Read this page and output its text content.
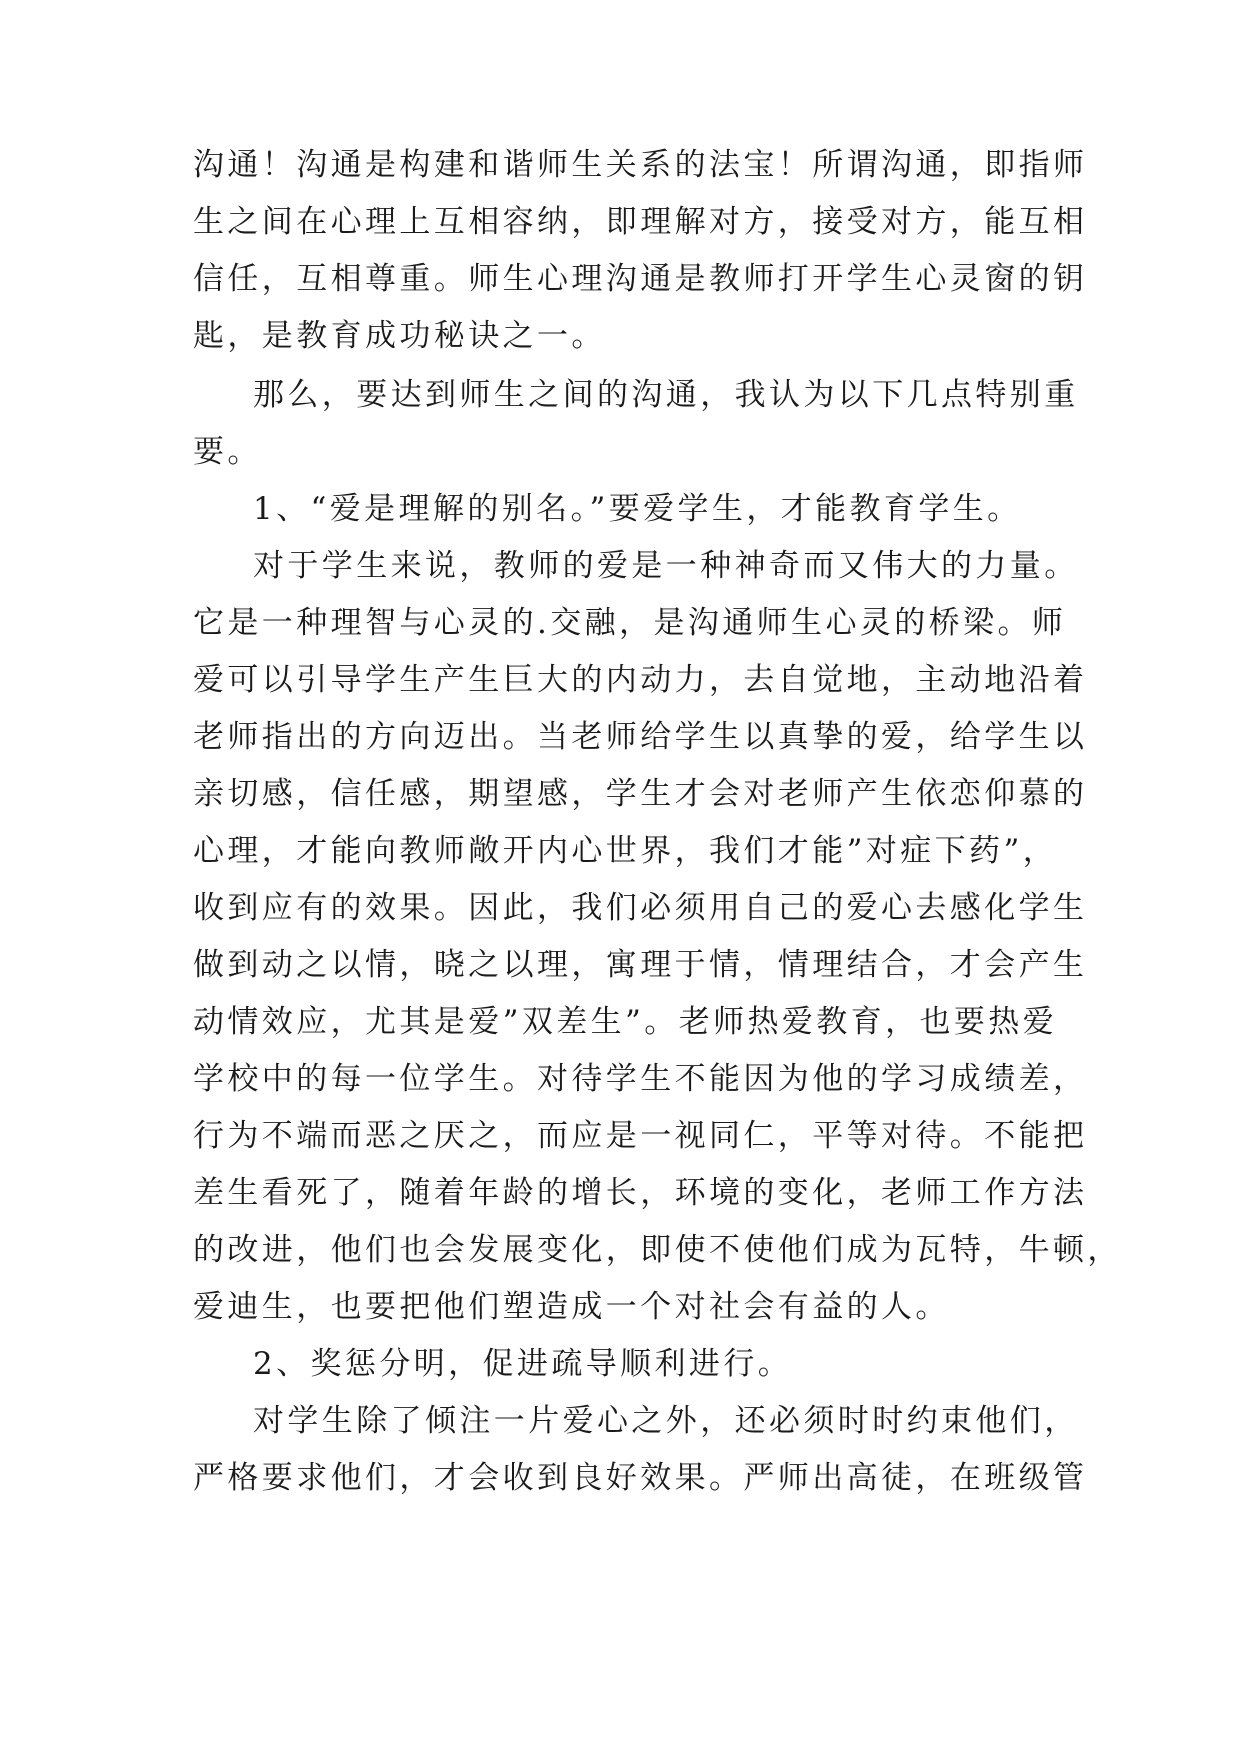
沟通！沟通是构建和谐师生关系的法宝！所谓沟通，即指师
生之间在心理上互相容纳，即理解对方，接受对方，能互相
信任，互相尊重。师生心理沟通是教师打开学生心灵窗的钥
匙，是教育成功秘诀之一。
那么，要达到师生之间的沟通，我认为以下几点特别重
要。
1、“爱是理解的别名。”要爱学生，才能教育学生。
对于学生来说，教师的爱是一种神奇而又伟大的力量。
它是一种理智与心灵的.交融，是沟通师生心灵的桥梁。师
爱可以引导学生产生巨大的内动力，去自觉地，主动地沿着
老师指出的方向迈出。当老师给学生以真挚的爱，给学生以
亲切感，信任感，期望感，学生才会对老师产生依恋仰慕的
心理，才能向教师敞开内心世界，我们才能”对症下药”，
收到应有的效果。因此，我们必须用自己的爱心去感化学生
做到动之以情，晓之以理，寓理于情，情理结合，才会产生
动情效应，尤其是爱”双差生”。老师热爱教育，也要热爱
学校中的每一位学生。对待学生不能因为他的学习成绩差，
行为不端而恶之厌之，而应是一视同仁，平等对待。不能把
差生看死了，随着年龄的增长，环境的变化，老师工作方法
的改进，他们也会发展变化，即使不使他们成为瓦特，牛顿，
爱迪生，也要把他们塑造成一个对社会有益的人。
2、奖惩分明，促进疏导顺利进行。
对学生除了倾注一片爱心之外，还必须时时约束他们，
严格要求他们，才会收到良好效果。严师出高徒，在班级管
